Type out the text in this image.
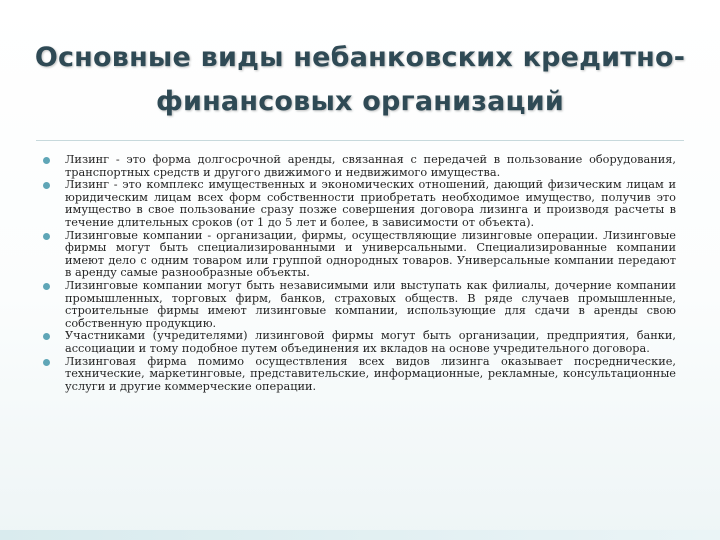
Основные виды небанковских кредитно-финансовых организаций
Лизинг - это форма долгосрочной аренды, связанная с передачей в пользование оборудования, транспортных средств и другого движимого и недвижимого имущества.
Лизинг - это комплекс имущественных и экономических отношений, дающий физическим лицам и юридическим лицам всех форм собственности приобретать необходимое имущество, получив это имущество в свое пользование сразу позже совершения договора лизинга и производя расчеты в течение длительных сроков (от 1 до 5 лет и более, в зависимости от объекта).
Лизинговые компании - организации, фирмы, осуществляющие лизинговые операции. Лизинговые фирмы могут быть специализированными и универсальными. Специализированные компании имеют дело с одним товаром или группой однородных товаров. Универсальные компании передают в аренду самые разнообразные объекты.
Лизинговые компании могут быть независимыми или выступать как филиалы, дочерние компании промышленных, торговых фирм, банков, страховых обществ. В ряде случаев промышленные, строительные фирмы имеют лизинговые компании, использующие для сдачи в аренды свою собственную продукцию.
Участниками (учредителями) лизинговой фирмы могут быть организации, предприятия, банки, ассоциации и тому подобное путем объединения их вкладов на основе учредительного договора.
Лизинговая фирма помимо осуществления всех видов лизинга оказывает посреднические, технические, маркетинговые, представительские, информационные, рекламные, консультационные услуги и другие коммерческие операции.
